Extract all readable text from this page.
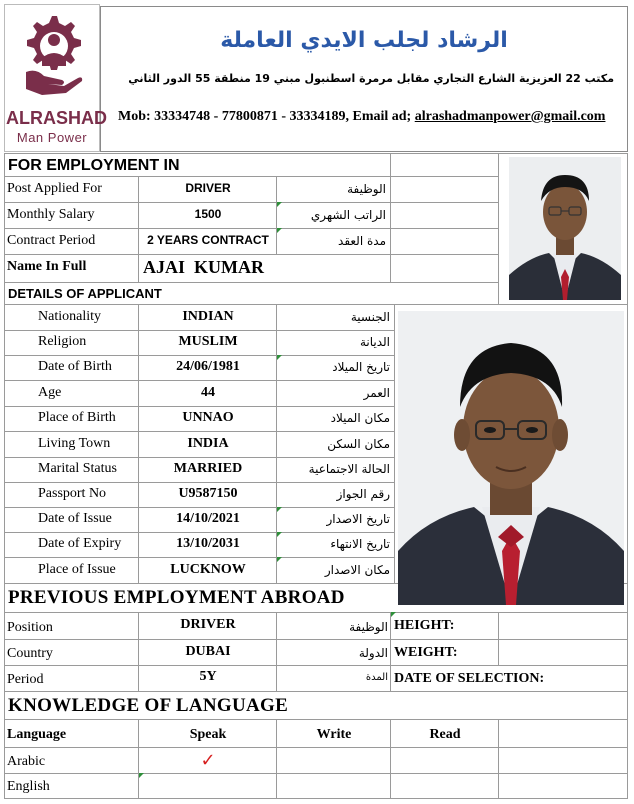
ALRASHAD
Man Power
الرشاد لجلب الايدي العاملة
مكتب 22 العزيزية الشارع التجاري مقابل مرمرة اسطنبول مبني 19 منطقة 55 الدور الثاني
Mob: 33334748 - 77800871 - 33334189, Email ad; alrashadmanpower@gmail.com
FOR EMPLOYMENT IN
Post Applied For	DRIVER	الوظيفة
Monthly Salary	1500	الراتب الشهري
Contract Period	2 YEARS CONTRACT	مدة العقد
Name In Full	AJAI  KUMAR
DETAILS OF APPLICANT
Nationality	INDIAN	الجنسية
Religion	MUSLIM	الديانة
Date of Birth	24/06/1981	تاريخ الميلاد
Age	44	العمر
Place of Birth	UNNAO	مكان الميلاد
Living Town	INDIA	مكان السكن
Marital Status	MARRIED	الحالة الاجتماعية
Passport No	U9587150	رقم الجواز
Date of Issue	14/10/2021	تاريخ الاصدار
Date of Expiry	13/10/2031	تاريخ الانتهاء
Place of Issue	LUCKNOW	مكان الاصدار
PREVIOUS EMPLOYMENT ABROAD
Position	DRIVER	الوظيفة HEIGHT:
Country	DUBAI	الدولة WEIGHT:
Period	5Y	المدة DATE OF SELECTION:
KNOWLEDGE OF LANGUAGE
Language	Speak	Write	Read
Arabic	✓
English
